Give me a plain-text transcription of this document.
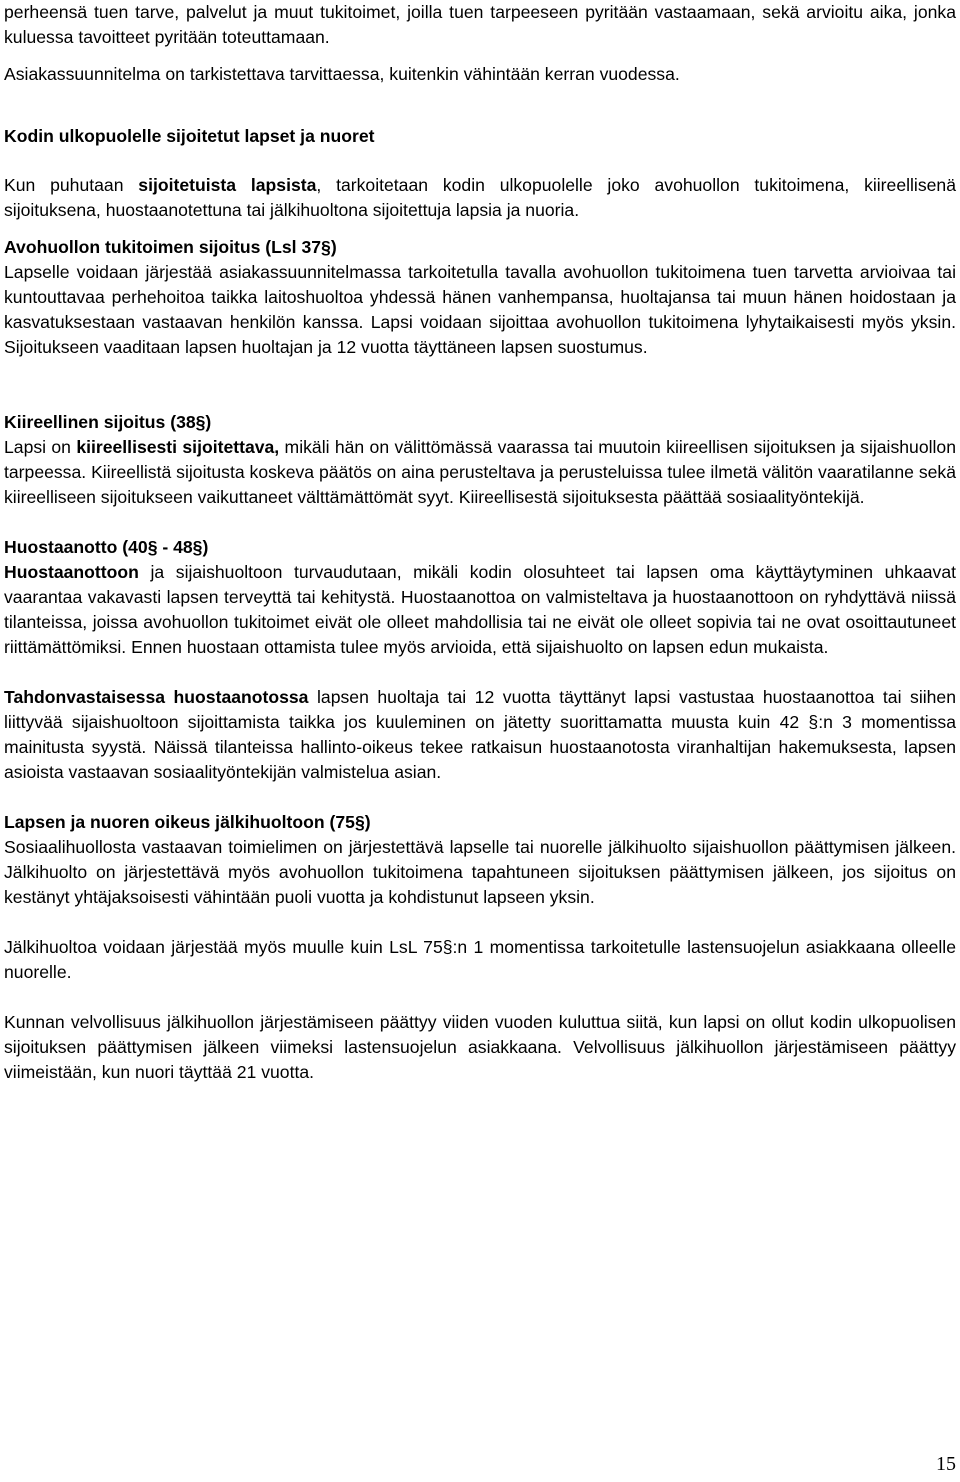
perheensä tuen tarve, palvelut ja muut tukitoimet, joilla tuen tarpeeseen pyritään vastaamaan, sekä arvioitu aika, jonka kuluessa tavoitteet pyritään toteuttamaan.

Asiakassuunnitelma on tarkistettava tarvittaessa, kuitenkin vähintään kerran vuodessa.

Kodin ulkopuolelle sijoitetut lapset ja nuoret

Kun puhutaan sijoitetuista lapsista, tarkoitetaan kodin ulkopuolelle joko avohuollon tukitoimena, kiireellisenä sijoituksena, huostaanotettuna tai jälkihuoltona sijoitettuja lapsia ja nuoria.

Avohuollon tukitoimen sijoitus (Lsl 37§)

Lapselle voidaan järjestää asiakassuunnitelmassa tarkoitetulla tavalla avohuollon tukitoimena tuen tarvetta arvioivaa tai kuntouttavaa perhehoitoa taikka laitoshuoltoa yhdessä hänen vanhempansa, huoltajansa tai muun hänen hoidostaan ja kasvatuksestaan vastaavan henkilön kanssa. Lapsi voidaan sijoittaa avohuollon tukitoimena lyhytaikaisesti myös yksin. Sijoitukseen vaaditaan lapsen huoltajan ja 12 vuotta täyttäneen lapsen suostumus.

Kiireellinen sijoitus (38§)

Lapsi on kiireellisesti sijoitettava, mikäli hän on välittömässä vaarassa tai muutoin kiireellisen sijoituksen ja sijaishuollon tarpeessa. Kiireellistä sijoitusta koskeva päätös on aina perusteltava ja perusteluissa tulee ilmetä välitön vaaratilanne sekä kiireelliseen sijoitukseen vaikuttaneet välttämättömät syyt. Kiireellisestä sijoituksesta päättää sosiaalityöntekijä.

Huostaanotto (40§ - 48§)

Huostaanottoon ja sijaishuoltoon turvaudutaan, mikäli kodin olosuhteet tai lapsen oma käyttäytyminen uhkaavat vaarantaa vakavasti lapsen terveyttä tai kehitystä. Huostaanottoa on valmisteltava ja huostaanottoon on ryhdyttävä niissä tilanteissa, joissa avohuollon tukitoimet eivät ole olleet mahdollisia tai ne eivät ole olleet sopivia tai ne ovat osoittautuneet riittämättömiksi. Ennen huostaan ottamista tulee myös arvioida, että sijaishuolto on lapsen edun mukaista.

Tahdonvastaisessa huostaanotossa lapsen huoltaja tai 12 vuotta täyttänyt lapsi vastustaa huostaanottoa tai siihen liittyvää sijaishuoltoon sijoittamista taikka jos kuuleminen on jätetty suorittamatta muusta kuin 42 §:n 3 momentissa mainitusta syystä. Näissä tilanteissa hallinto-oikeus tekee ratkaisun huostaanotosta viranhaltijan hakemuksesta, lapsen asioista vastaavan sosiaalityöntekijän valmistelua asian.

Lapsen ja nuoren oikeus jälkihuoltoon (75§)

Sosiaalihuollosta vastaavan toimielimen on järjestettävä lapselle tai nuorelle jälkihuolto sijaishuollon päättymisen jälkeen. Jälkihuolto on järjestettävä myös avohuollon tukitoimena tapahtuneen sijoituksen päättymisen jälkeen, jos sijoitus on kestänyt yhtäjaksoisesti vähintään puoli vuotta ja kohdistunut lapseen yksin.

Jälkihuoltoa voidaan järjestää myös muulle kuin LsL 75§:n 1 momentissa tarkoitetulle lastensuojelun asiakkaana olleelle nuorelle.

Kunnan velvollisuus jälkihuollon järjestämiseen päättyy viiden vuoden kuluttua siitä, kun lapsi on ollut kodin ulkopuolisen sijoituksen päättymisen jälkeen viimeksi lastensuojelun asiakkaana. Velvollisuus jälkihuollon järjestämiseen päättyy viimeistään, kun nuori täyttää 21 vuotta.

15
